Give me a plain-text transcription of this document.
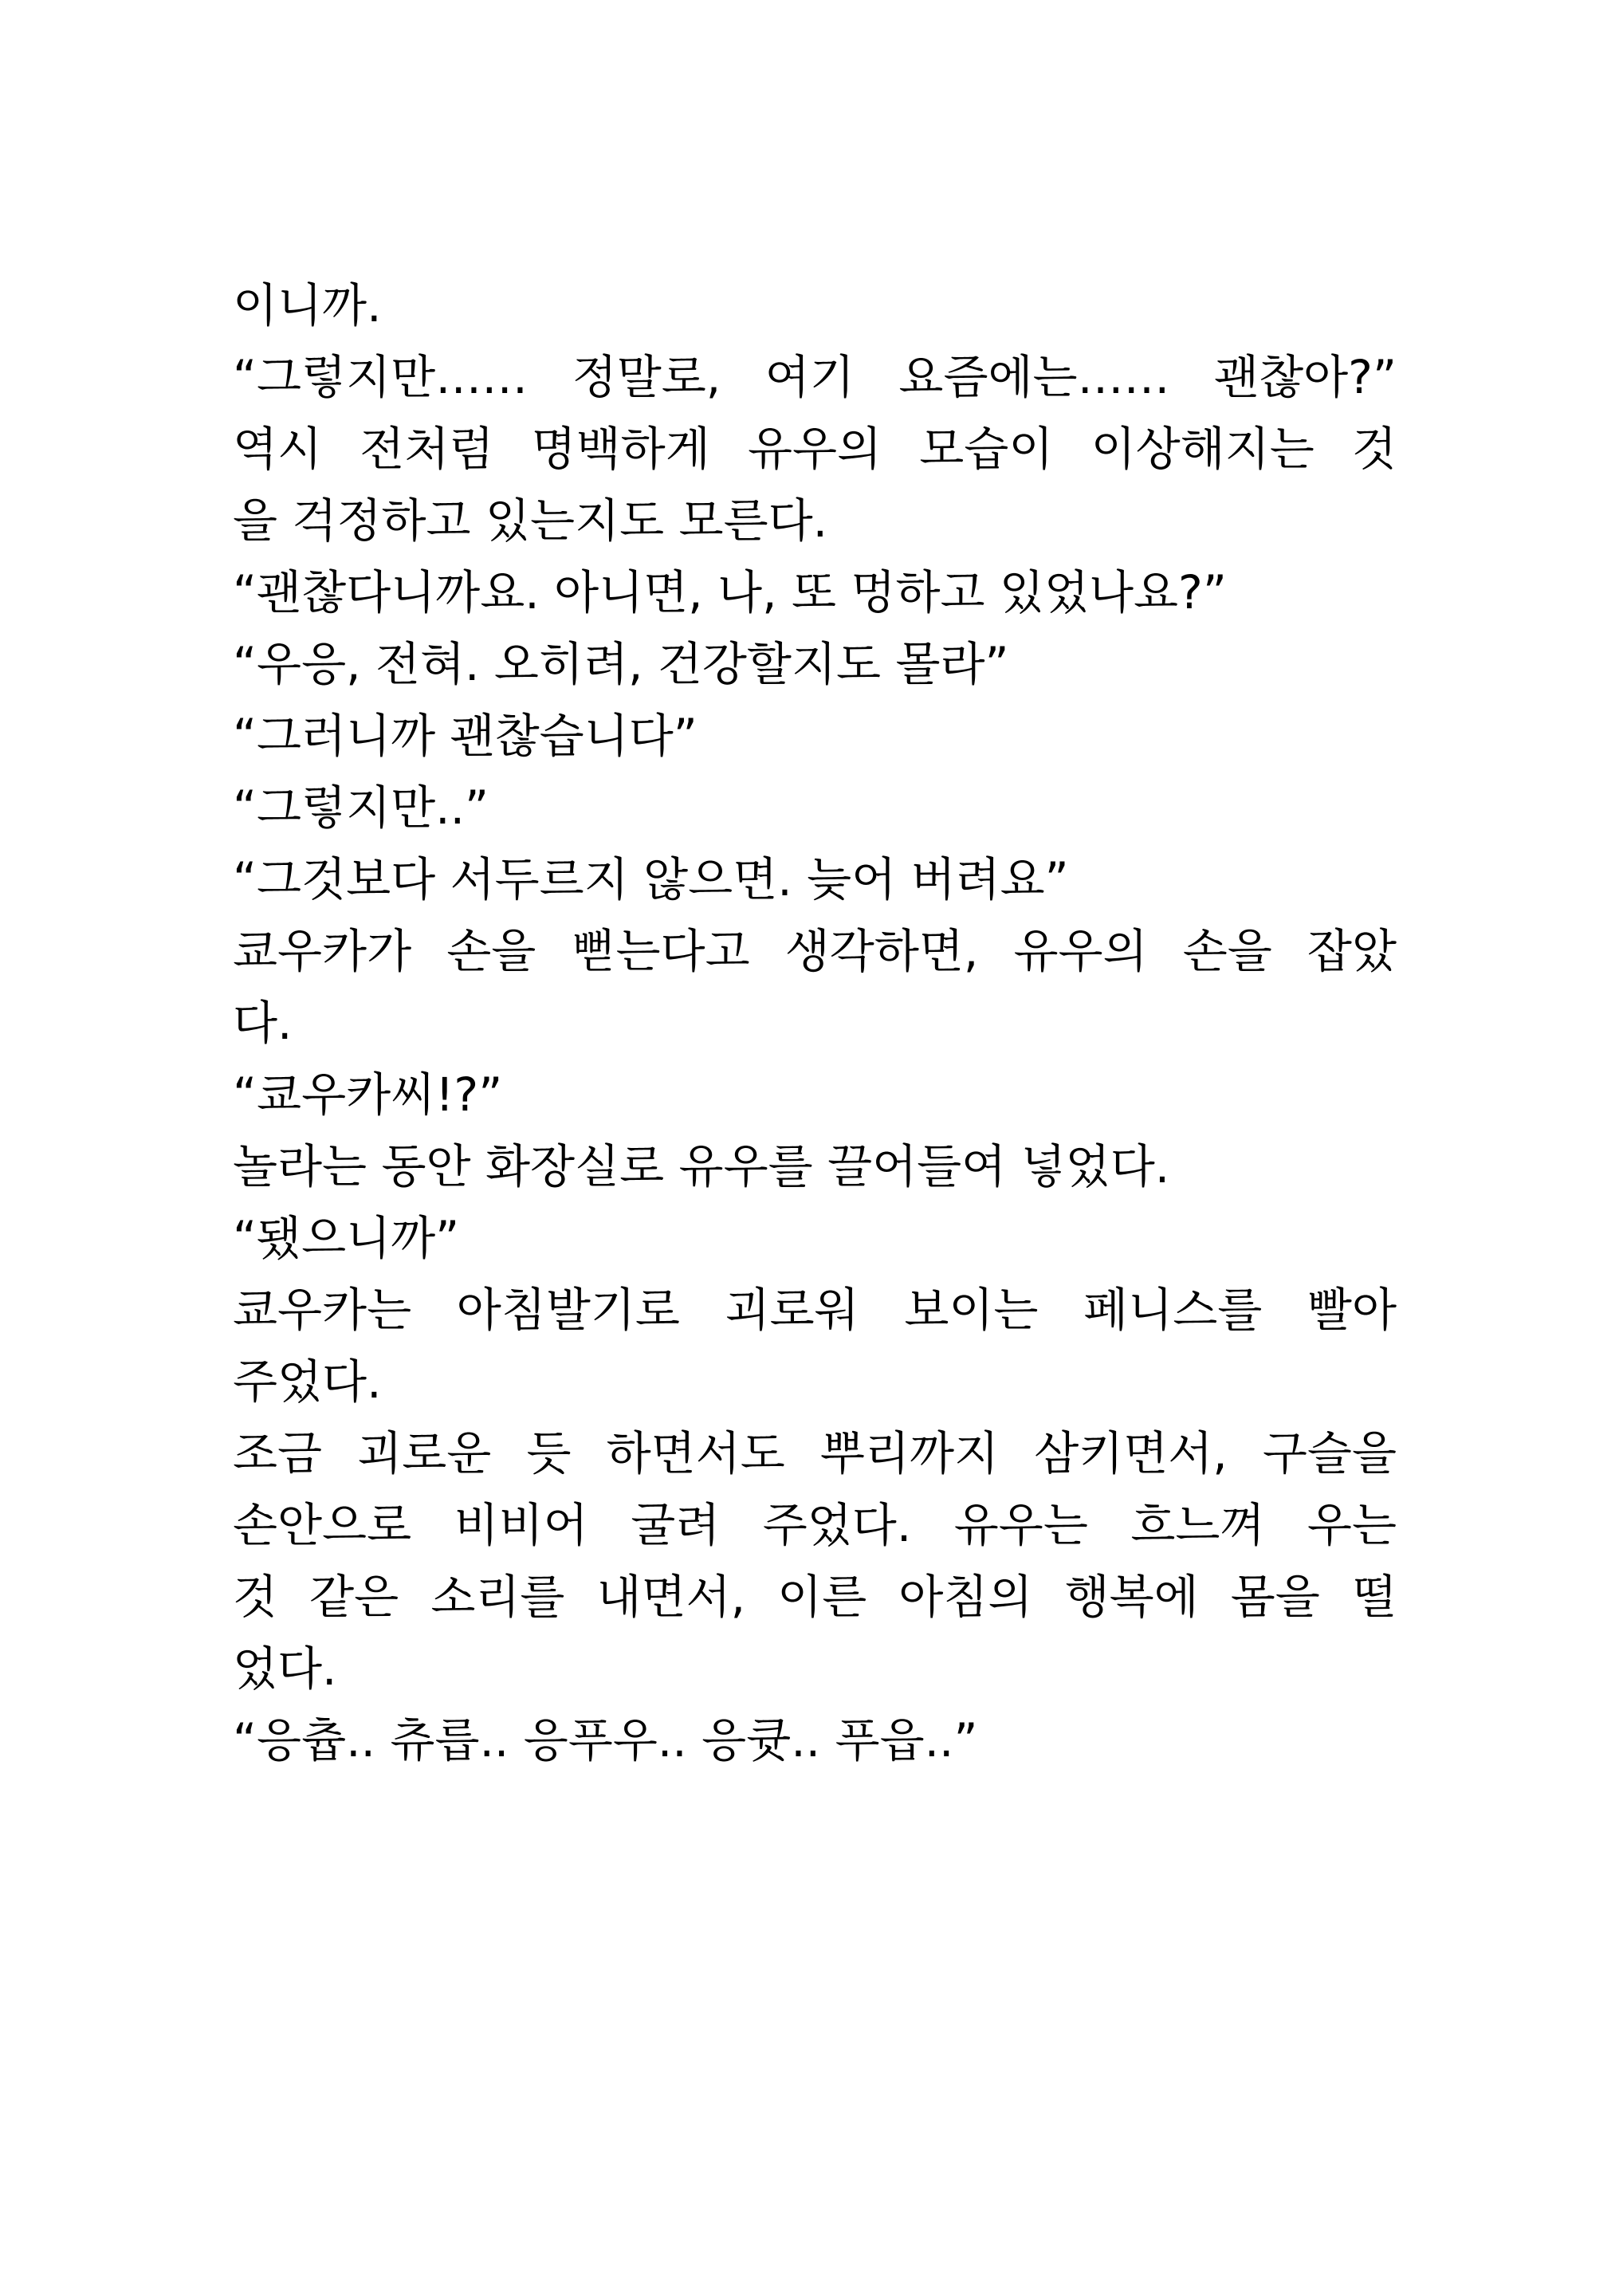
이니까.
“그렇지만…… 정말로, 여기 요즘에는…… 괜찮아?”
역시 전처럼 명백하게 유우의 모습이 이상해지는 것
을 걱정하고 있는지도 모른다.
“괜찮다니까요. 아니면, 나, 또 멍하고 있었나요?”
“우응, 전혀. 오히려, 건강할지도 몰라”
“그러니까 괜찮습니다”
“그렇지만..”
“그것보다 서두르지 않으면. 늦어 버려요”
쿄우카가 손을 뻗는다고 생각하면, 유우의 손을 잡았
다.
“쿄우카씨!?”
놀라는 동안 화장실로 유우를 끌어들여 넣었다.
“됐으니까”
쿄우카는 아침발기로 괴로워 보이는 페니스를 빨아
주었다.
조금 괴로운 듯 하면서도 뿌리까지 삼키면서, 구슬을
손안으로 비비어 굴려 주었다. 유우는 흐느껴 우는
것 같은 소리를 내면서, 이른 아침의 행복에 몸을 떨
었다.
“응츕.. 츄릅.. 응푸우.. 응큣.. 푸읍..”
